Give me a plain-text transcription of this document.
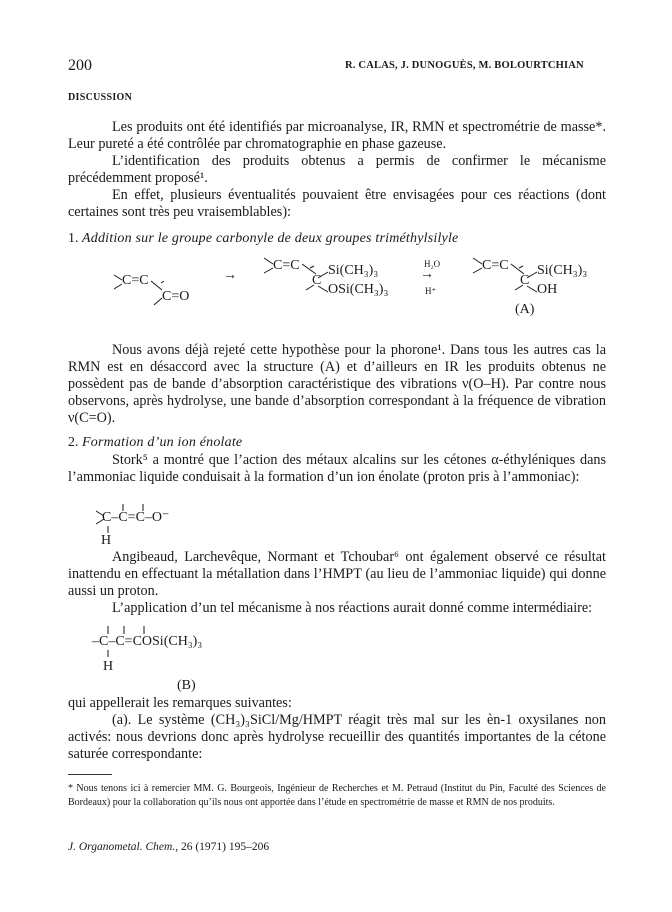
200	R. CALAS, J. DUNOGUÈS, M. BOLOURTCHIAN
DISCUSSION
Les produits ont été identifiés par microanalyse, IR, RMN et spectrométrie de masse*. Leur pureté a été contrôlée par chromatographie en phase gazeuse.
L’identification des produits obtenus a permis de confirmer le mécanisme précédemment proposé¹.
En effet, plusieurs éventualités pouvaient être envisagées pour ces réactions (dont certaines sont très peu vraisemblables):
1. Addition sur le groupe carbonyle de deux groupes triméthylsilyle
C=C
C=O
→
C=C
C
Si(CH₃)₃
OSi(CH₃)₃
H₂O
→
H⁺
C=C
C
Si(CH₃)₃
OH
(A)
Nous avons déjà rejeté cette hypothèse pour la phorone¹. Dans tous les autres cas la RMN est en désaccord avec la structure (A) et d’ailleurs en IR les produits obtenus ne possèdent pas de bande d’absorption caractéristique des vibrations ν(O–H). Par contre nous observons, après hydrolyse, une bande d’absorption correspondant à la fréquence de vibration ν(C=O).
2. Formation d’un ion énolate
Stork⁵ a montré que l’action des métaux alcalins sur les cétones α-éthyléniques dans l’ammoniac liquide conduisait à la formation d’un ion énolate (proton pris à l’ammoniac):
C–C=C–O⁻
H
Angibeaud, Larchevêque, Normant et Tchoubar⁶ ont également observé ce résultat inattendu en effectuant la métallation dans l’HMPT (au lieu de l’ammoniac liquide) qui donne aussi un proton.
L’application d’un tel mécanisme à nos réactions aurait donné comme intermédiaire:
–C–C=COSi(CH₃)₃
H
(B)
qui appellerait les remarques suivantes:
(a). Le système (CH₃)₃SiCl/Mg/HMPT réagit très mal sur les èn-1 oxysilanes non activés: nous devrions donc après hydrolyse recueillir des quantités importantes de la cétone saturée correspondante:
* Nous tenons ici à remercier MM. G. Bourgeois, Ingénieur de Recherches et M. Petraud (Institut du Pin, Faculté des Sciences de Bordeaux) pour la collaboration qu’ils nous ont apportée dans l’étude en spectrométrie de masse et RMN de nos produits.
J. Organometal. Chem., 26 (1971) 195–206
